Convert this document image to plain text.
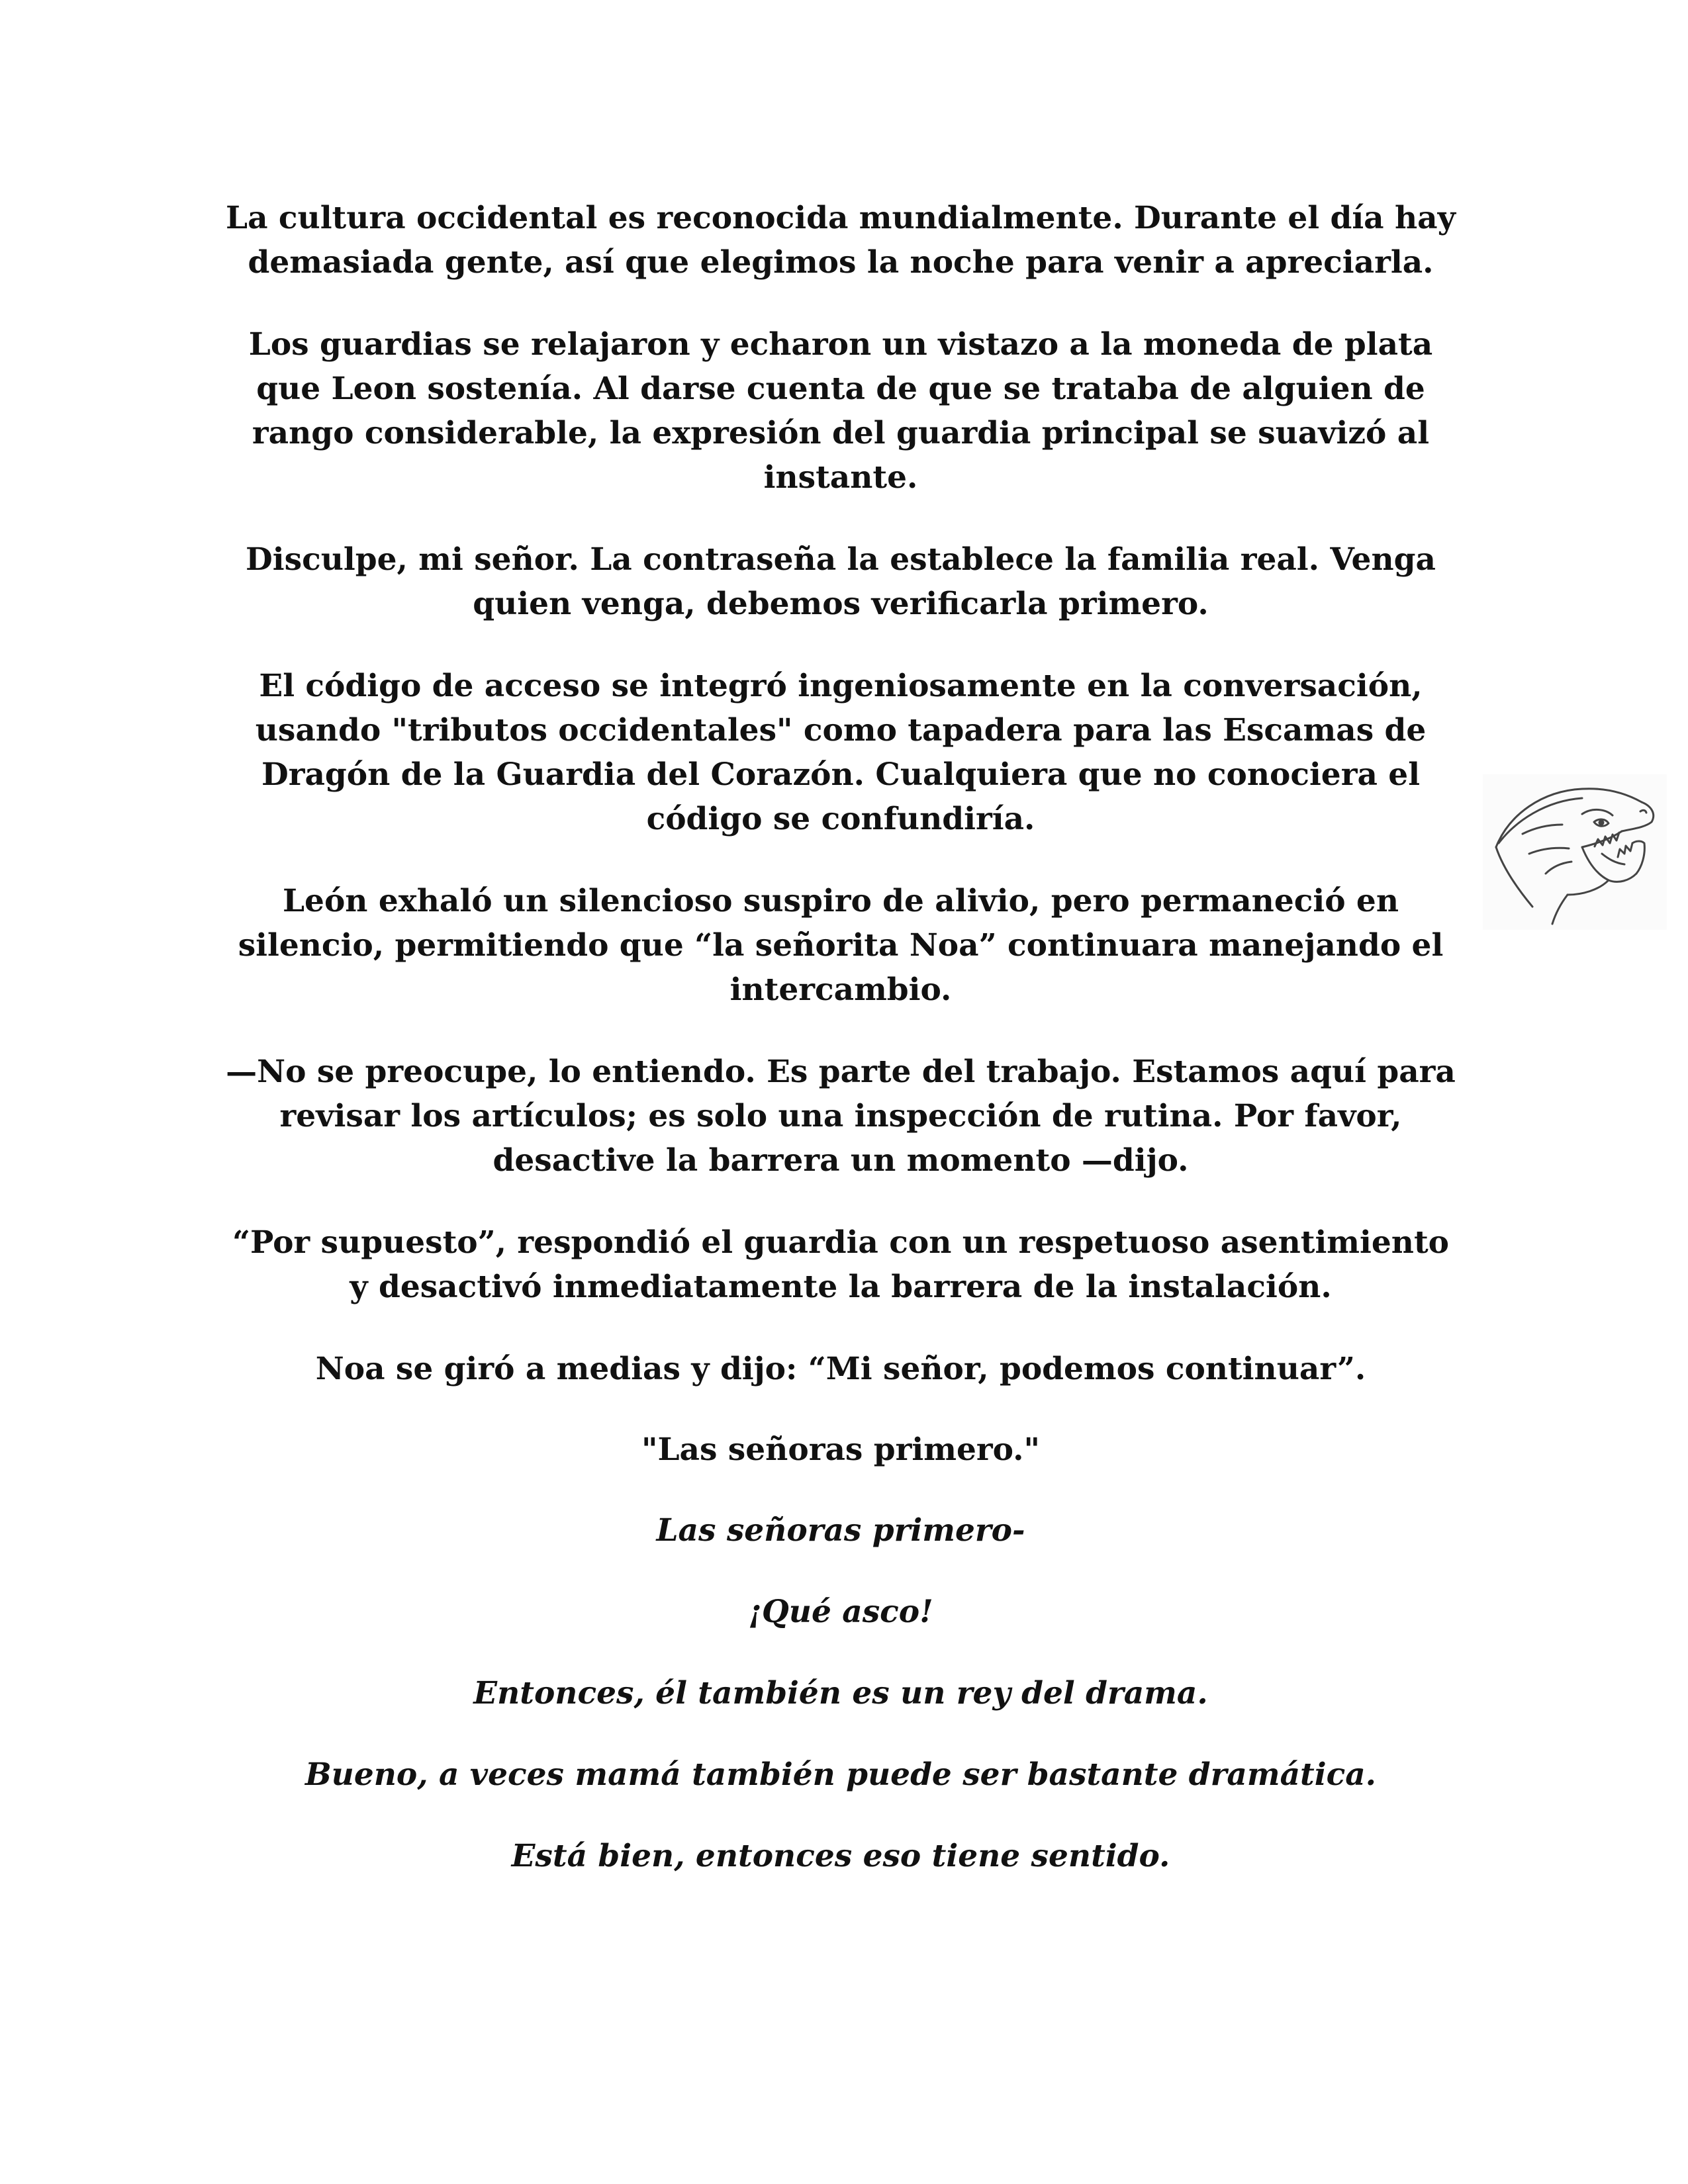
La cultura occidental es reconocida mundialmente. Durante el día hay demasiada gente, así que elegimos la noche para venir a apreciarla.

Los guardias se relajaron y echaron un vistazo a la moneda de plata que Leon sostenía. Al darse cuenta de que se trataba de alguien de rango considerable, la expresión del guardia principal se suavizó al instante.

Disculpe, mi señor. La contraseña la establece la familia real. Venga quien venga, debemos verificarla primero.

El código de acceso se integró ingeniosamente en la conversación, usando "tributos occidentales" como tapadera para las Escamas de Dragón de la Guardia del Corazón. Cualquiera que no conociera el código se confundiría.

León exhaló un silencioso suspiro de alivio, pero permaneció en silencio, permitiendo que “la señorita Noa” continuara manejando el intercambio.

—No se preocupe, lo entiendo. Es parte del trabajo. Estamos aquí para revisar los artículos; es solo una inspección de rutina. Por favor, desactive la barrera un momento —dijo.

“Por supuesto”, respondió el guardia con un respetuoso asentimiento y desactivó inmediatamente la barrera de la instalación.

Noa se giró a medias y dijo: “Mi señor, podemos continuar”.

"Las señoras primero."

Las señoras primero-

¡Qué asco!

Entonces, él también es un rey del drama.

Bueno, a veces mamá también puede ser bastante dramática.

Está bien, entonces eso tiene sentido.
